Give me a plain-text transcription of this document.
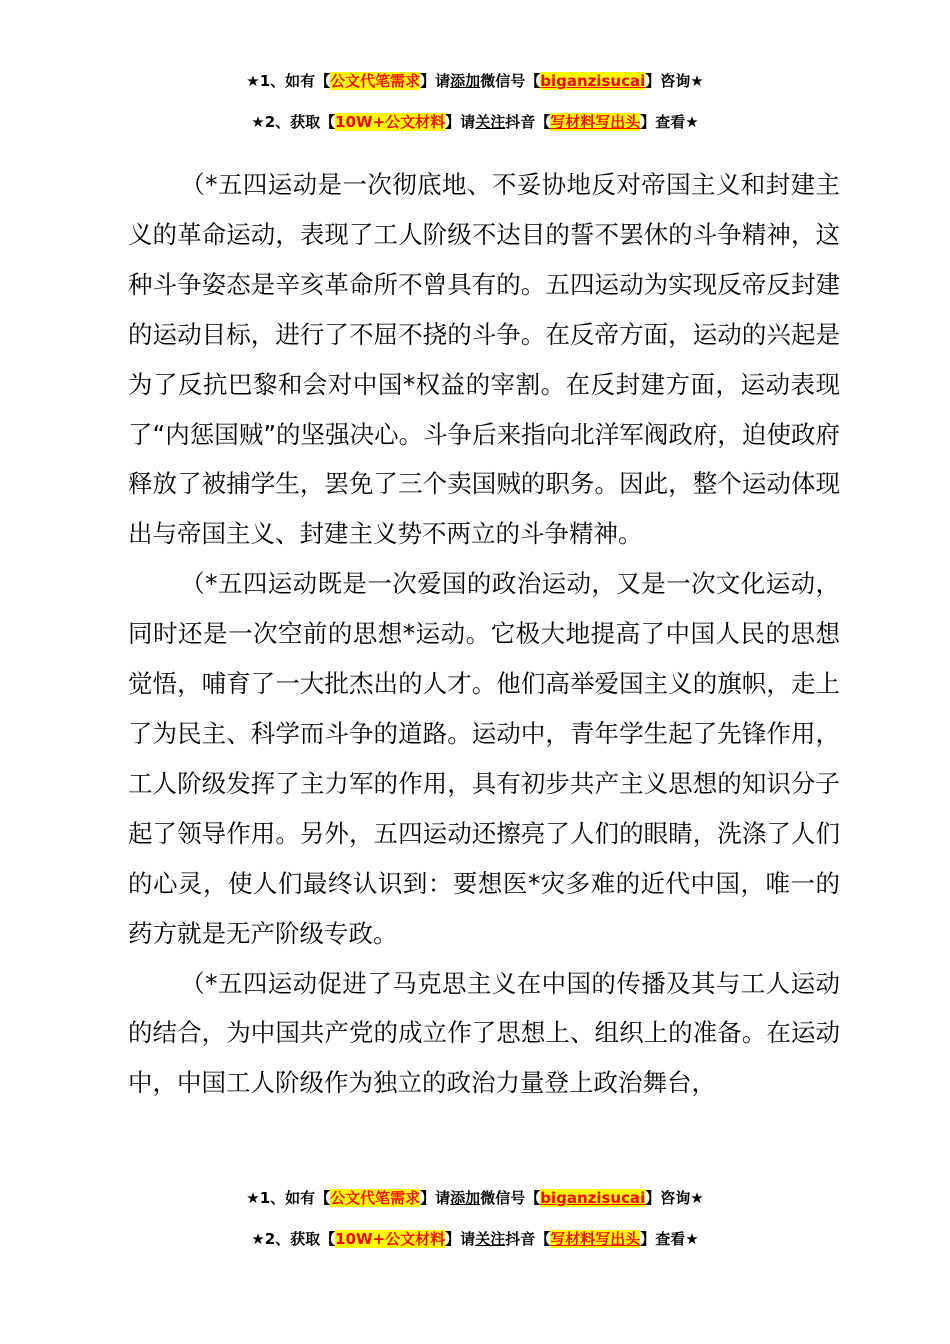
★1、如有【公文代笔需求】请添加微信号【biganzisucai】咨询★
★2、获取【10W+公文材料】请关注抖音【写材料写出头】查看★

（*五四运动是一次彻底地、不妥协地反对帝国主义和封建主义的革命运动，表现了工人阶级不达目的誓不罢休的斗争精神，这种斗争姿态是辛亥革命所不曾具有的。五四运动为实现反帝反封建的运动目标，进行了不屈不挠的斗争。在反帝方面，运动的兴起是为了反抗巴黎和会对中国*权益的宰割。在反封建方面，运动表现了“内惩国贼”的坚强决心。斗争后来指向北洋军阀政府，迫使政府释放了被捕学生，罢免了三个卖国贼的职务。因此，整个运动体现出与帝国主义、封建主义势不两立的斗争精神。

（*五四运动既是一次爱国的政治运动，又是一次文化运动，同时还是一次空前的思想*运动。它极大地提高了中国人民的思想觉悟，哺育了一大批杰出的人才。他们高举爱国主义的旗帜，走上了为民主、科学而斗争的道路。运动中，青年学生起了先锋作用，工人阶级发挥了主力军的作用，具有初步共产主义思想的知识分子起了领导作用。另外，五四运动还擦亮了人们的眼睛，洗涤了人们的心灵，使人们最终认识到：要想医*灾多难的近代中国，唯一的药方就是无产阶级专政。

（*五四运动促进了马克思主义在中国的传播及其与工人运动的结合，为中国共产党的成立作了思想上、组织上的准备。在运动中，中国工人阶级作为独立的政治力量登上政治舞台，

★1、如有【公文代笔需求】请添加微信号【biganzisucai】咨询★
★2、获取【10W+公文材料】请关注抖音【写材料写出头】查看★
